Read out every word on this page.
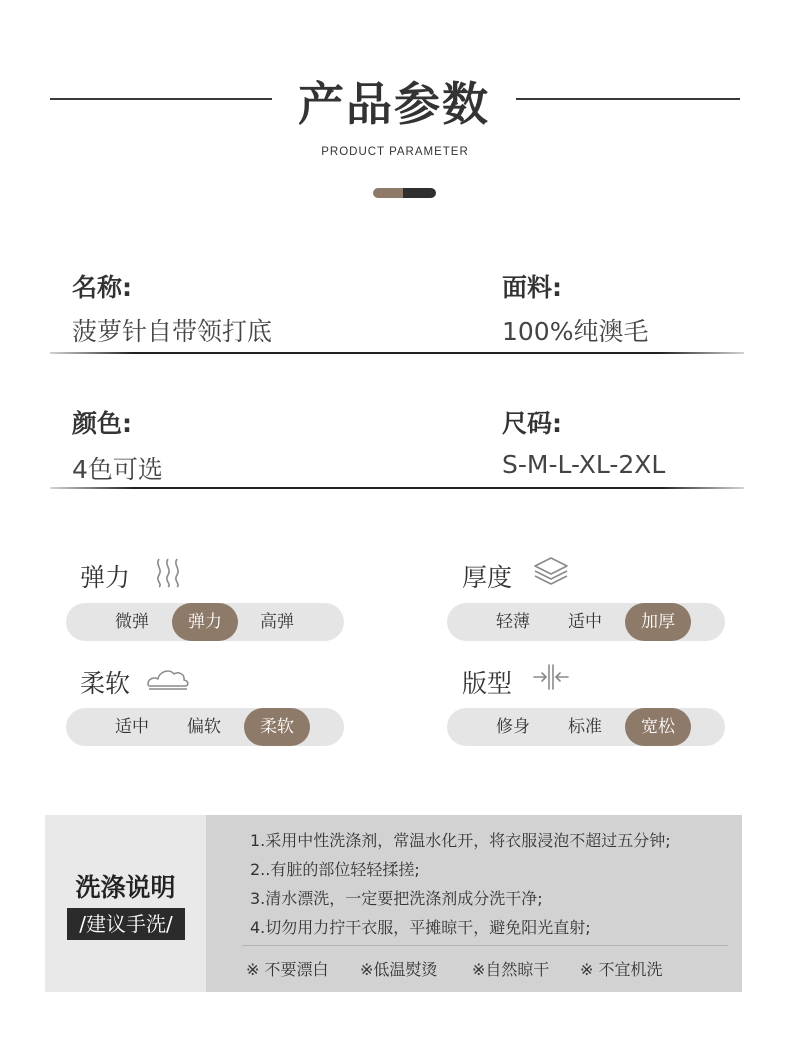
产品参数
PRODUCT PARAMETER
名称:
菠萝针自带领打底
面料:
100%纯澳毛
颜色:
4色可选
尺码:
S-M-L-XL-2XL
弹力
微弹	弹力	高弹
厚度
轻薄	适中	加厚
柔软
适中	偏软	柔软
版型
修身	标准	宽松
洗涤说明
/建议手洗/
1.采用中性洗涤剂，常温水化开，将衣服浸泡不超过五分钟;
2..有脏的部位轻轻揉搓;
3.清水漂洗，一定要把洗涤剂成分洗干净;
4.切勿用力拧干衣服，平摊晾干，避免阳光直射;
※ 不要漂白 ※低温熨烫 ※自然晾干 ※ 不宜机洗
